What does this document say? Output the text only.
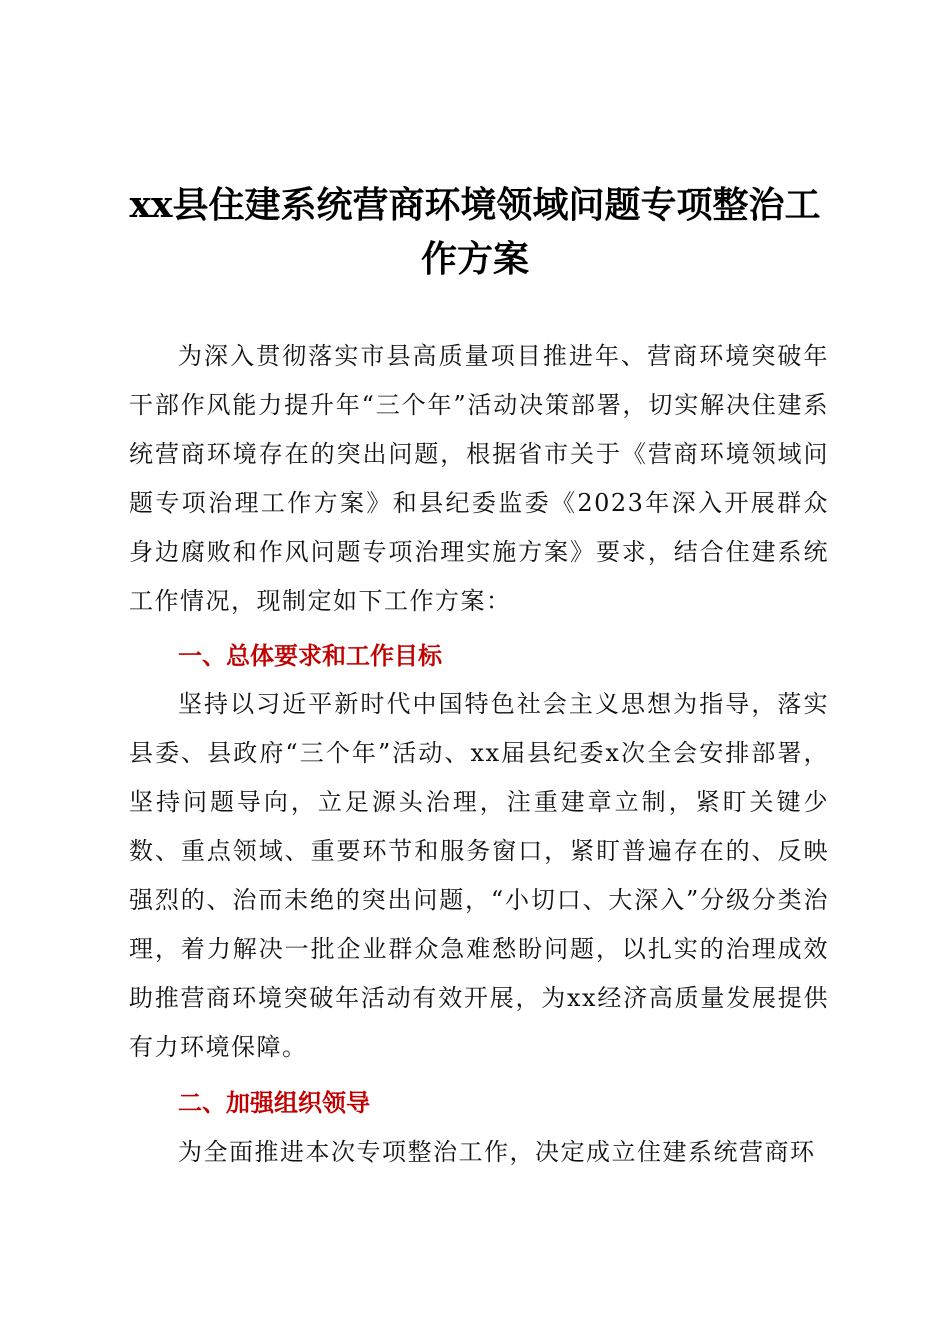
xx县住建系统营商环境领域问题专项整治工
作方案

为深入贯彻落实市县高质量项目推进年、营商环境突破年干部作风能力提升年“三个年”活动决策部署，切实解决住建系统营商环境存在的突出问题，根据省市关于《营商环境领域问题专项治理工作方案》和县纪委监委《2023年深入开展群众身边腐败和作风问题专项治理实施方案》要求，结合住建系统工作情况，现制定如下工作方案：

一、总体要求和工作目标

坚持以习近平新时代中国特色社会主义思想为指导，落实县委、县政府“三个年”活动、xx届县纪委x次全会安排部署，坚持问题导向，立足源头治理，注重建章立制，紧盯关键少数、重点领域、重要环节和服务窗口，紧盯普遍存在的、反映强烈的、治而未绝的突出问题，“小切口、大深入”分级分类治理，着力解决一批企业群众急难愁盼问题，以扎实的治理成效助推营商环境突破年活动有效开展，为xx经济高质量发展提供有力环境保障。

二、加强组织领导

为全面推进本次专项整治工作，决定成立住建系统营商环
